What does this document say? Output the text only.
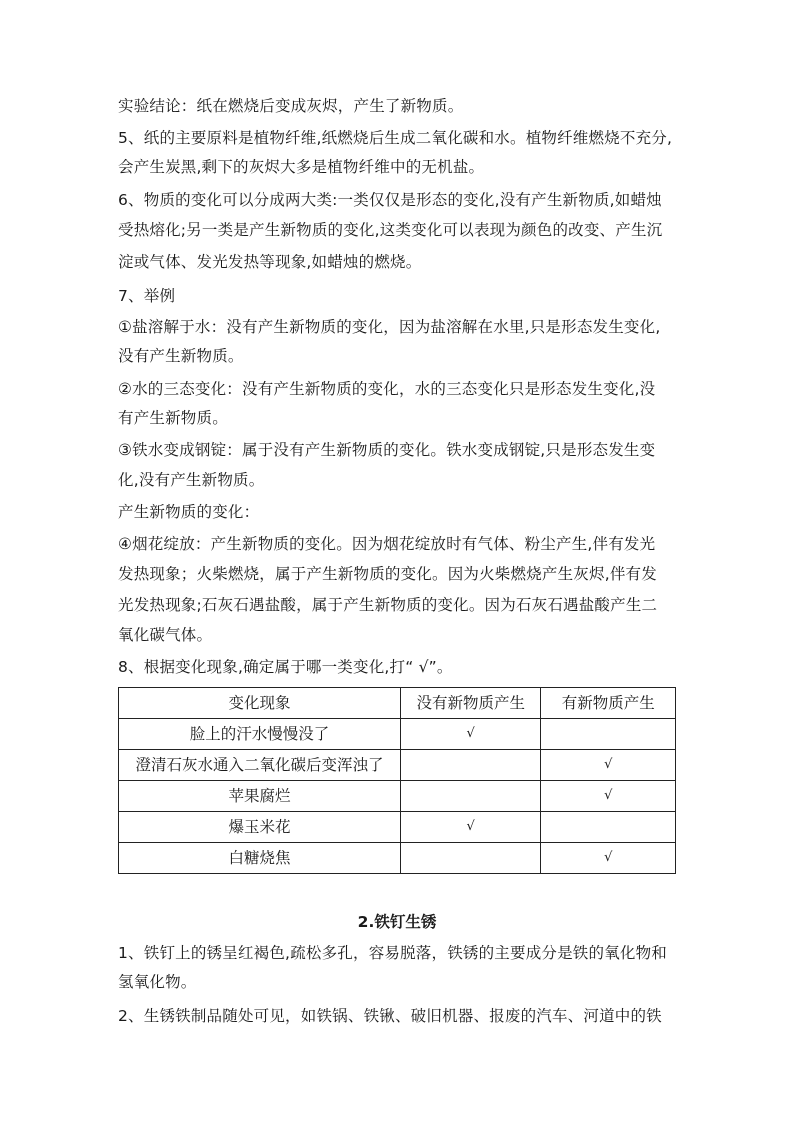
实验结论：纸在燃烧后变成灰烬，产生了新物质。
5、纸的主要原料是植物纤维,纸燃烧后生成二氧化碳和水。植物纤维燃烧不充分,
会产生炭黑,剩下的灰烬大多是植物纤维中的无机盐。
6、物质的变化可以分成两大类:一类仅仅是形态的变化,没有产生新物质,如蜡烛
受热熔化;另一类是产生新物质的变化,这类变化可以表现为颜色的改变、产生沉
淀或气体、发光发热等现象,如蜡烛的燃烧。
7、举例
①盐溶解于水：没有产生新物质的变化，因为盐溶解在水里,只是形态发生变化,
没有产生新物质。
②水的三态变化：没有产生新物质的变化，水的三态变化只是形态发生变化,没
有产生新物质。
③铁水变成钢锭：属于没有产生新物质的变化。铁水变成钢锭,只是形态发生变
化,没有产生新物质。
产生新物质的变化：
④烟花绽放：产生新物质的变化。因为烟花绽放时有气体、粉尘产生,伴有发光
发热现象；火柴燃烧，属于产生新物质的变化。因为火柴燃烧产生灰烬,伴有发
光发热现象;石灰石遇盐酸，属于产生新物质的变化。因为石灰石遇盐酸产生二
氧化碳气体。
8、根据变化现象,确定属于哪一类变化,打“ √”。
变化现象	没有新物质产生	有新物质产生
脸上的汗水慢慢没了	√	
澄清石灰水通入二氧化碳后变浑浊了		√
苹果腐烂		√
爆玉米花	√	
白糖烧焦		√
2.铁钉生锈
1、铁钉上的锈呈红褐色,疏松多孔，容易脱落，铁锈的主要成分是铁的氧化物和
氢氧化物。
2、生锈铁制品随处可见，如铁锅、铁锹、破旧机器、报废的汽车、河道中的铁
